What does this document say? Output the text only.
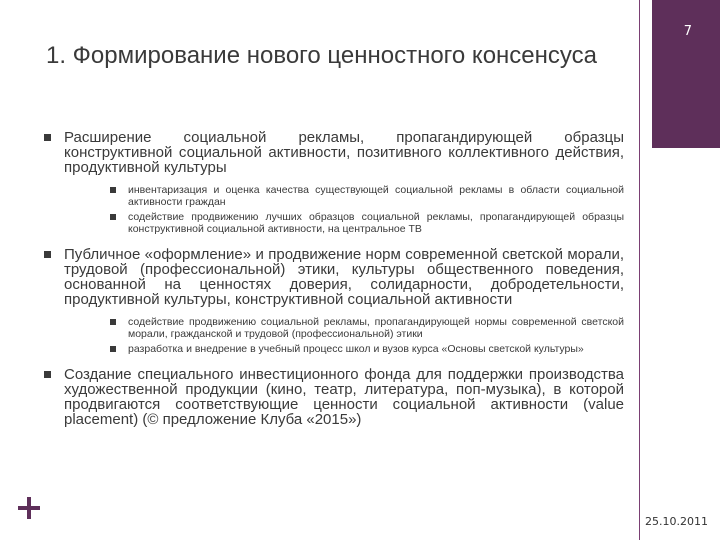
7
1. Формирование нового ценностного консенсуса
Расширение социальной рекламы, пропагандирующей образцы конструктивной социальной активности, позитивного коллективного действия, продуктивной культуры
инвентаризация и оценка качества существующей социальной рекламы в области социальной активности граждан
содействие продвижению лучших образцов социальной рекламы, пропагандирующей образцы конструктивной социальной активности, на центральное ТВ
Публичное «оформление» и продвижение норм современной светской морали, трудовой (профессиональной) этики, культуры общественного поведения, основанной на ценностях доверия, солидарности, добродетельности, продуктивной культуры, конструктивной социальной активности
содействие продвижению социальной рекламы, пропагандирующей нормы современной светской морали, гражданской и трудовой (профессиональной) этики
разработка и внедрение в учебный процесс школ и вузов курса «Основы светской культуры»
Создание специального инвестиционного фонда для поддержки производства художественной продукции (кино, театр, литература, поп-музыка), в которой продвигаются соответствующие ценности социальной активности (value placement) (© предложение Клуба «2015»)
25.10.2011
